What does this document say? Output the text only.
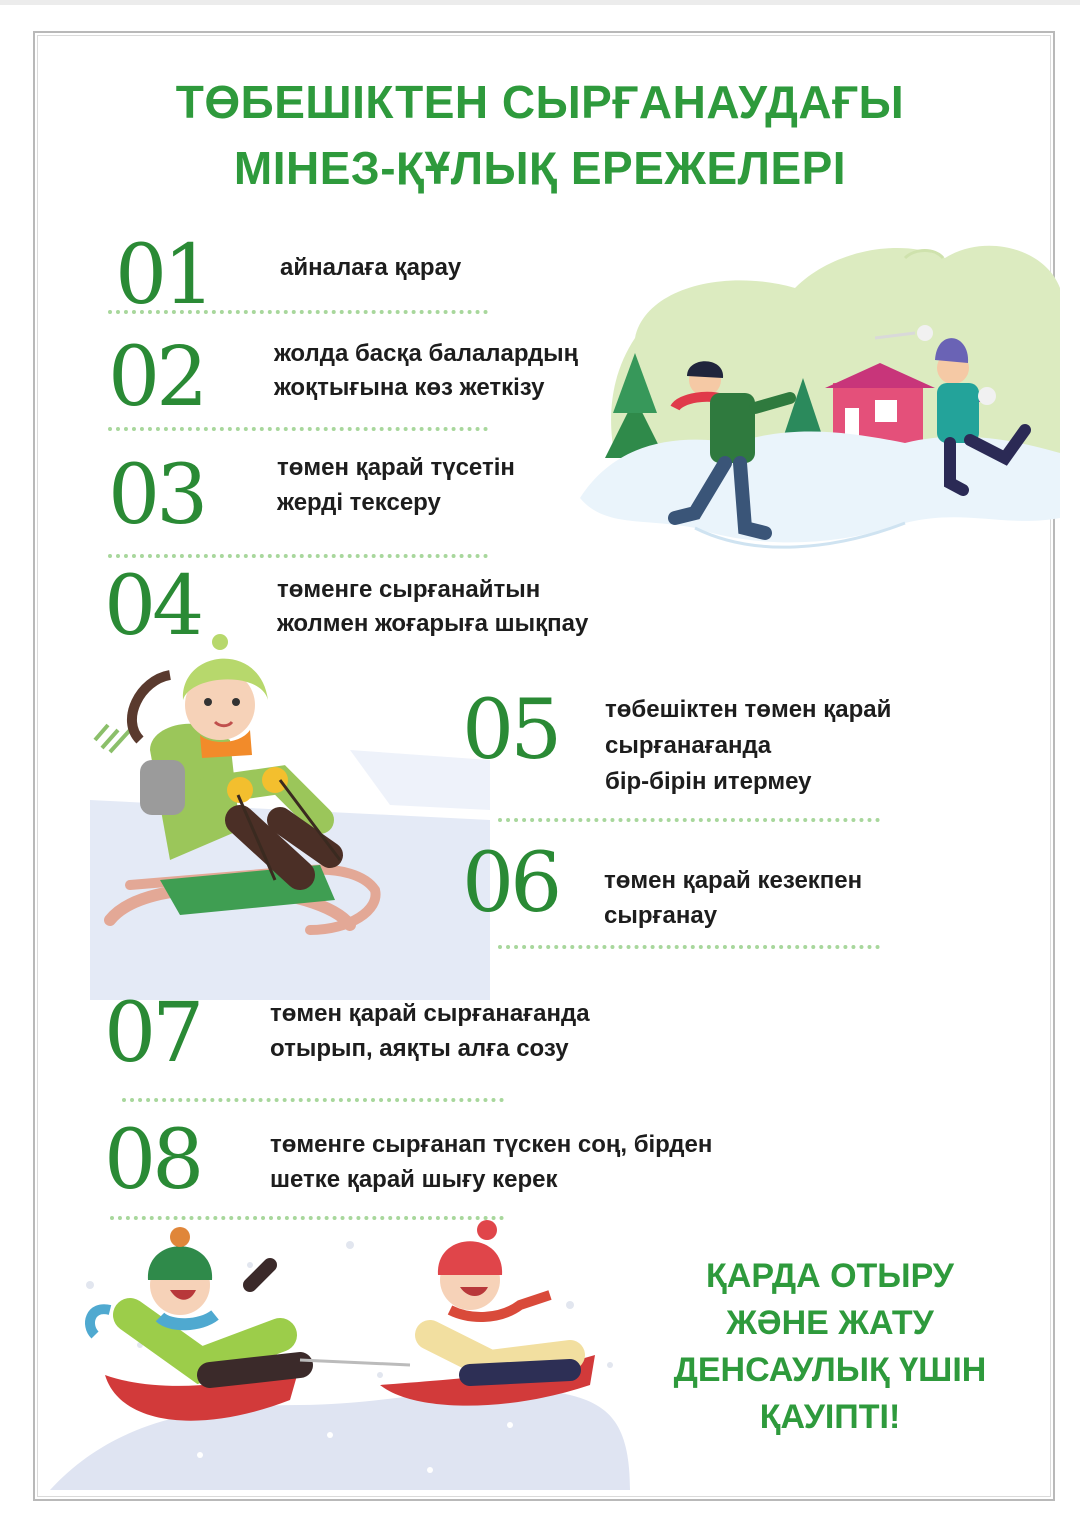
ТӨБЕШІКТЕН СЫРҒАНАУДАҒЫ
МІНЕЗ-ҚҰЛЫҚ ЕРЕЖЕЛЕРІ
01	айналаға қарау
02	жолда басқа балалардың
жоқтығына көз жеткізу
03	төмен қарай түсетін
жерді тексеру
04	төменге сырғанайтын
жолмен жоғарыға шықпау
05 төбешіктен төмен қарай
сырғанағанда
бір-бірін итермеу
06 төмен қарай кезекпен
сырғанау
07	төмен қарай сырғанағанда
отырып, аяқты алға созу
08	төменге сырғанап түскен соң, бірден
шетке қарай шығу керек
ҚАРДА ОТЫРУ
ЖӘНЕ ЖАТУ
ДЕНСАУЛЫҚ ҮШІН
ҚАУІПТІ!
